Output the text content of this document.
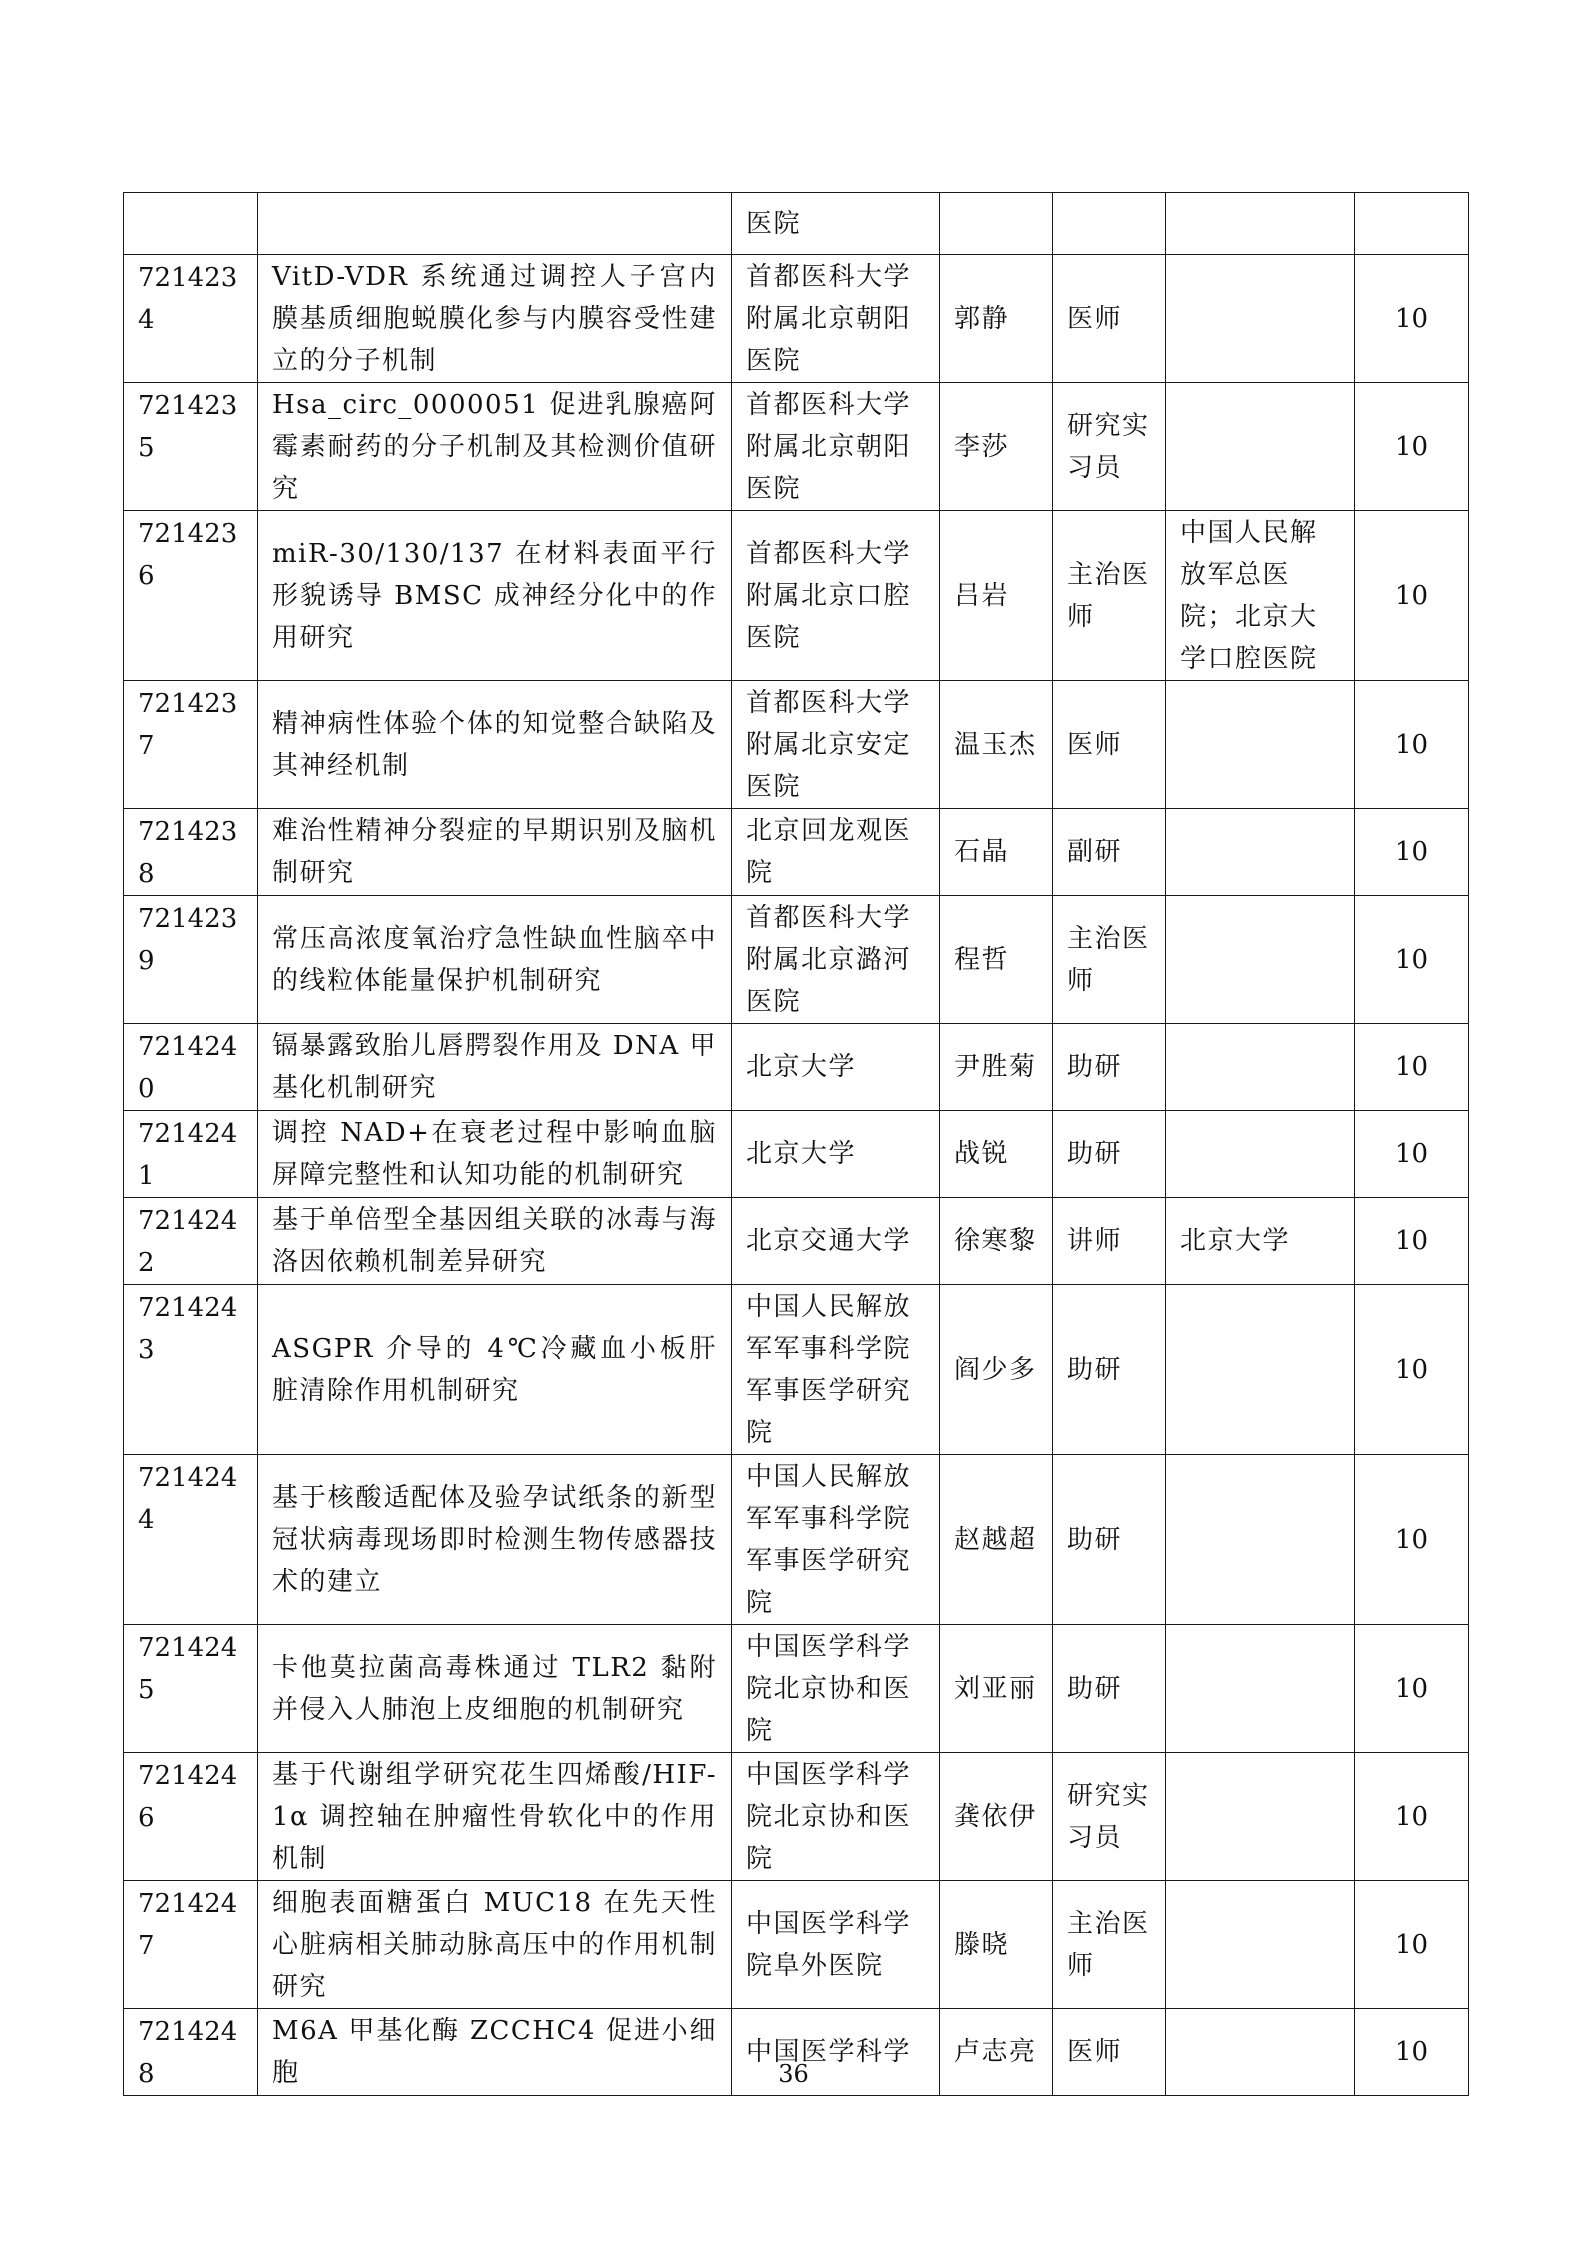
		医院				
7214234	VitD-VDR 系统通过调控人子宫内膜基质细胞蜕膜化参与内膜容受性建立的分子机制	首都医科大学附属北京朝阳医院	郭静	医师		10
7214235	Hsa_circ_0000051 促进乳腺癌阿霉素耐药的分子机制及其检测价值研究	首都医科大学附属北京朝阳医院	李莎	研究实习员		10
7214236	miR-30/130/137 在材料表面平行形貌诱导 BMSC 成神经分化中的作用研究	首都医科大学附属北京口腔医院	吕岩	主治医师	中国人民解放军总医院；北京大学口腔医院	10
7214237	精神病性体验个体的知觉整合缺陷及其神经机制	首都医科大学附属北京安定医院	温玉杰	医师		10
7214238	难治性精神分裂症的早期识别及脑机制研究	北京回龙观医院	石晶	副研		10
7214239	常压高浓度氧治疗急性缺血性脑卒中的线粒体能量保护机制研究	首都医科大学附属北京潞河医院	程哲	主治医师		10
7214240	镉暴露致胎儿唇腭裂作用及 DNA 甲基化机制研究	北京大学	尹胜菊	助研		10
7214241	调控 NAD+在衰老过程中影响血脑屏障完整性和认知功能的机制研究	北京大学	战锐	助研		10
7214242	基于单倍型全基因组关联的冰毒与海洛因依赖机制差异研究	北京交通大学	徐寒黎	讲师	北京大学	10
7214243	ASGPR 介导的 4℃冷藏血小板肝脏清除作用机制研究	中国人民解放军军事科学院军事医学研究院	阎少多	助研		10
7214244	基于核酸适配体及验孕试纸条的新型冠状病毒现场即时检测生物传感器技术的建立	中国人民解放军军事科学院军事医学研究院	赵越超	助研		10
7214245	卡他莫拉菌高毒株通过 TLR2 黏附并侵入人肺泡上皮细胞的机制研究	中国医学科学院北京协和医院	刘亚丽	助研		10
7214246	基于代谢组学研究花生四烯酸/HIF-1α 调控轴在肿瘤性骨软化中的作用机制	中国医学科学院北京协和医院	龚依伊	研究实习员		10
7214247	细胞表面糖蛋白 MUC18 在先天性心脏病相关肺动脉高压中的作用机制研究	中国医学科学院阜外医院	滕晓	主治医师		10
7214248	M6A 甲基化酶 ZCCHC4 促进小细胞	中国医学科学	卢志亮	医师		10
36
